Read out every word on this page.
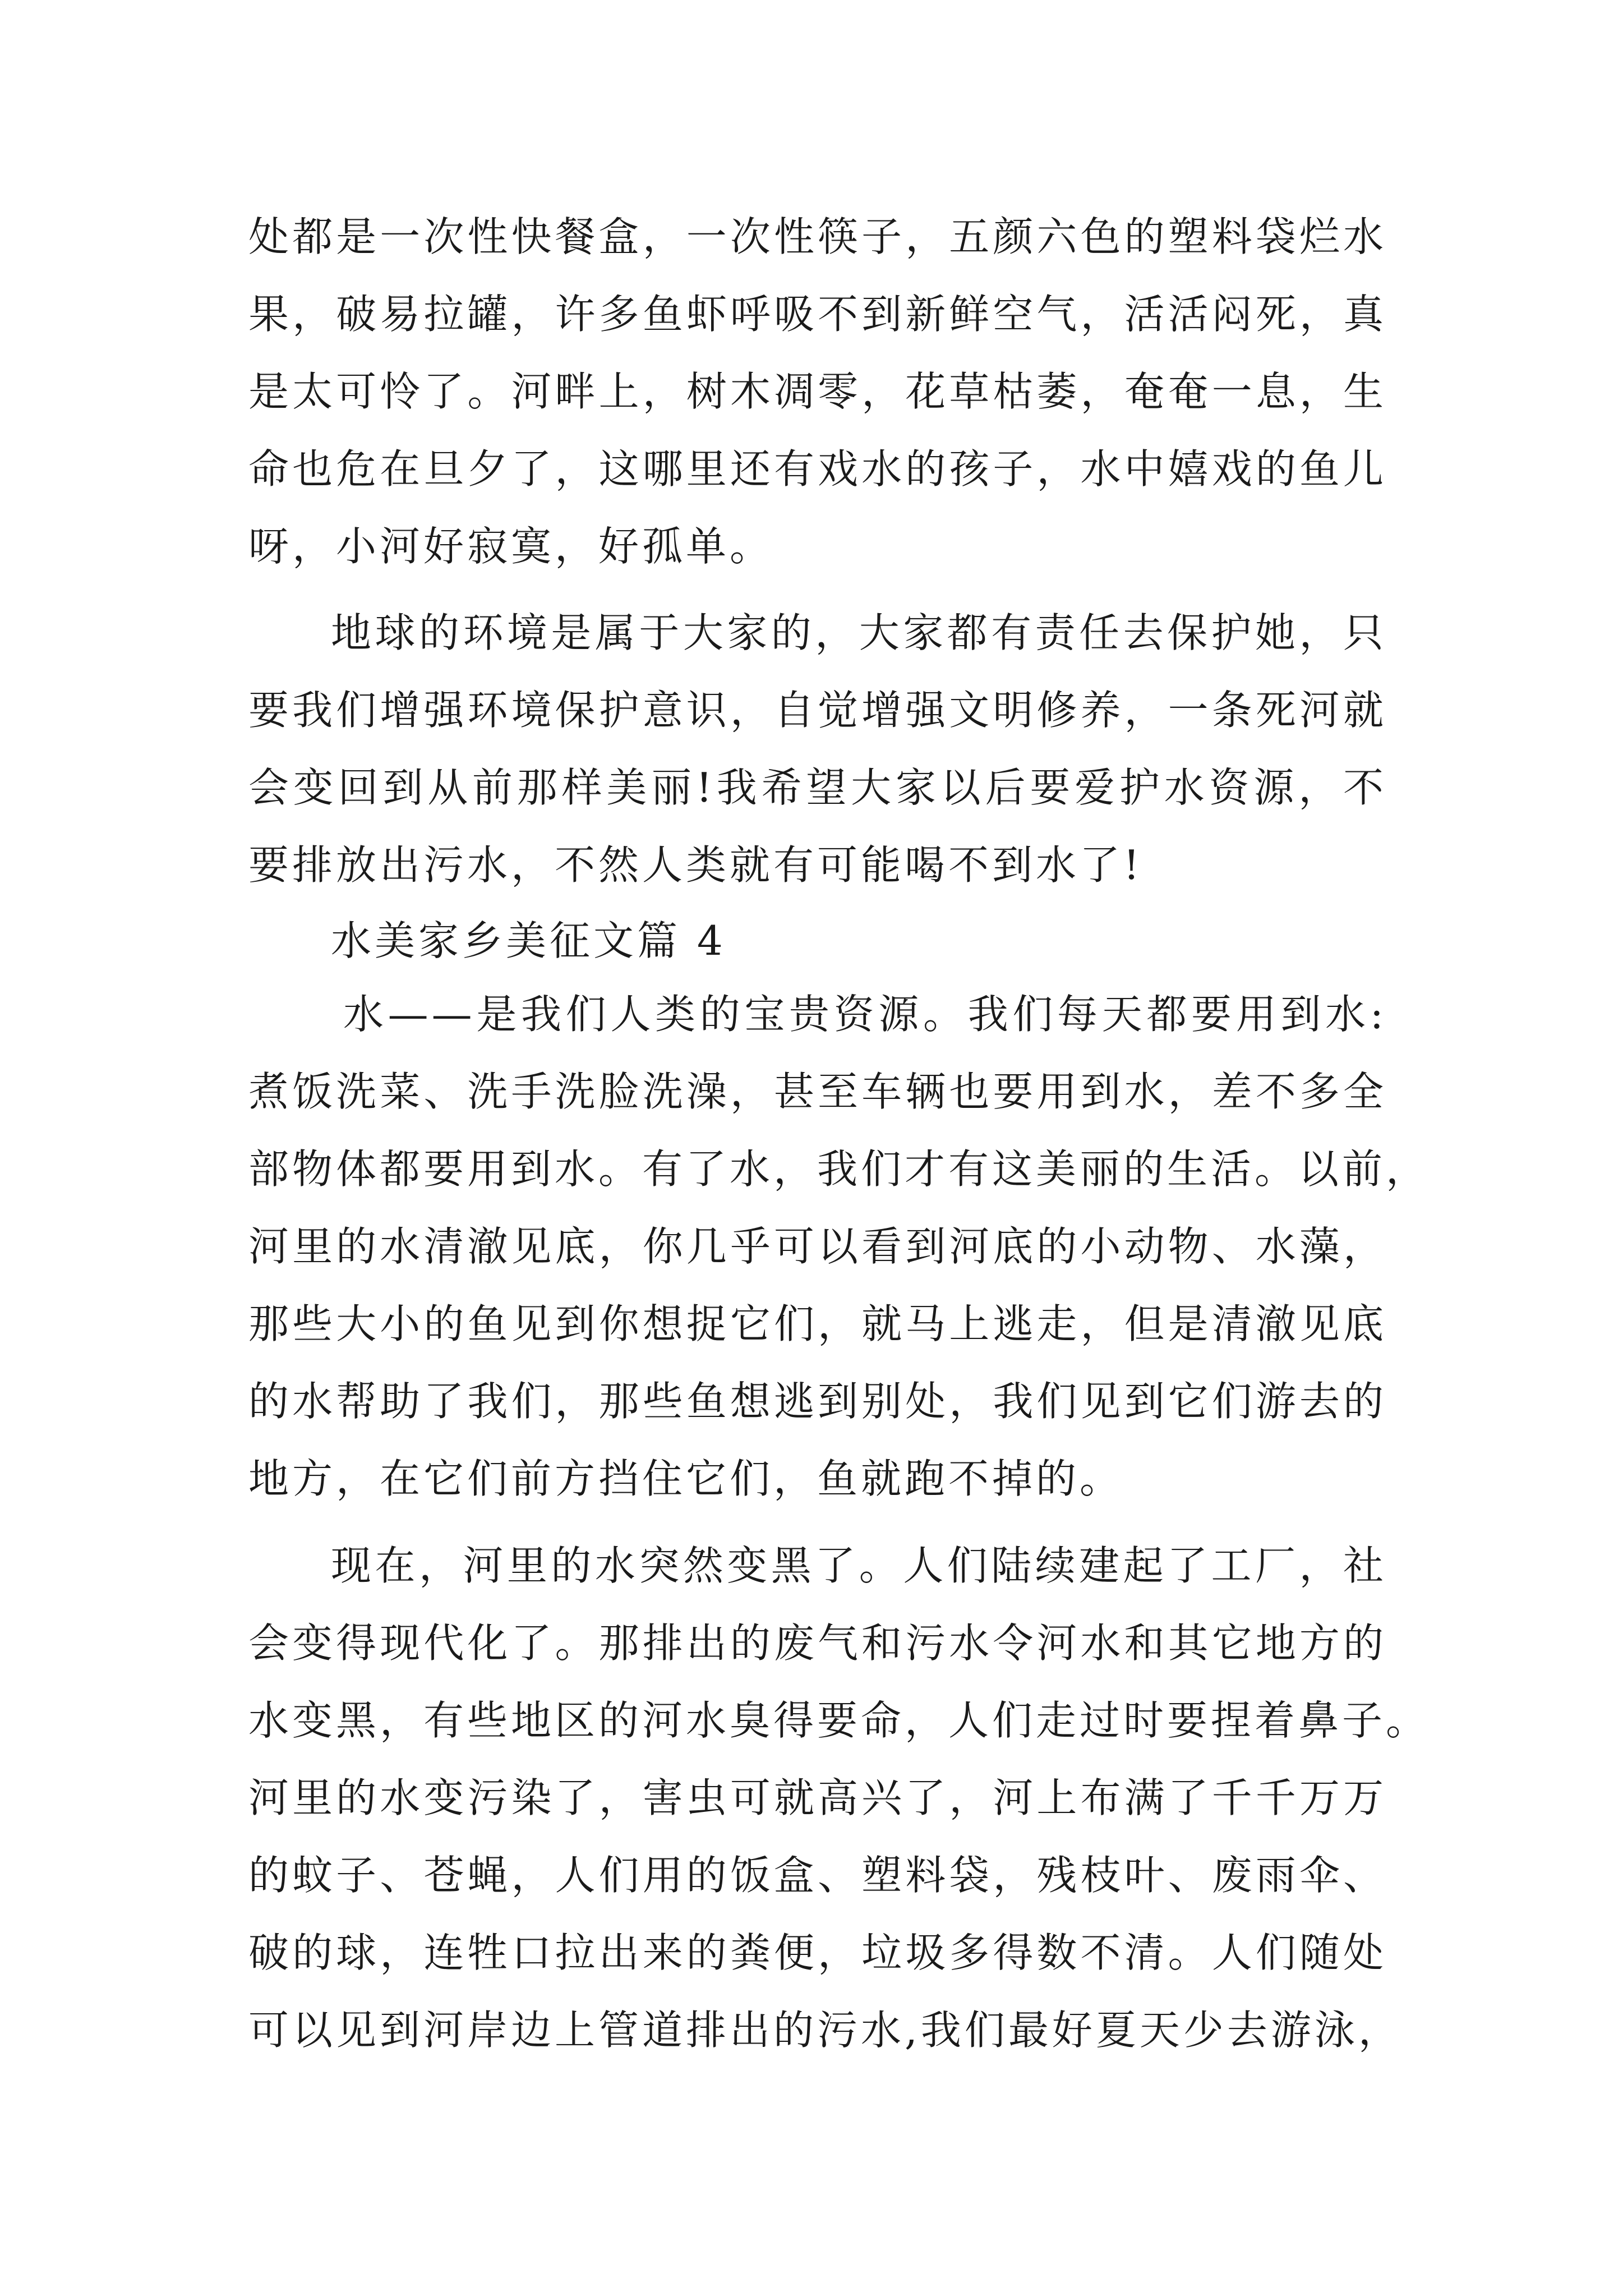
处都是一次性快餐盒，一次性筷子，五颜六色的塑料袋烂水
果，破易拉罐，许多鱼虾呼吸不到新鲜空气，活活闷死，真
是太可怜了。河畔上，树木凋零，花草枯萎，奄奄一息，生
命也危在旦夕了，这哪里还有戏水的孩子，水中嬉戏的鱼儿
呀，小河好寂寞，好孤单。
地球的环境是属于大家的，大家都有责任去保护她，只
要我们增强环境保护意识，自觉增强文明修养，一条死河就
会变回到从前那样美丽!我希望大家以后要爱护水资源，不
要排放出污水，不然人类就有可能喝不到水了!
水美家乡美征文篇 4
水——是我们人类的宝贵资源。我们每天都要用到水:
煮饭洗菜、洗手洗脸洗澡，甚至车辆也要用到水，差不多全
部物体都要用到水。有了水，我们才有这美丽的生活。以前，
河里的水清澈见底，你几乎可以看到河底的小动物、水藻，
那些大小的鱼见到你想捉它们，就马上逃走，但是清澈见底
的水帮助了我们，那些鱼想逃到别处，我们见到它们游去的
地方，在它们前方挡住它们，鱼就跑不掉的。
现在，河里的水突然变黑了。人们陆续建起了工厂，社
会变得现代化了。那排出的废气和污水令河水和其它地方的
水变黑，有些地区的河水臭得要命，人们走过时要捏着鼻子。
河里的水变污染了，害虫可就高兴了，河上布满了千千万万
的蚊子、苍蝇，人们用的饭盒、塑料袋，残枝叶、废雨伞、
破的球，连牲口拉出来的粪便，垃圾多得数不清。人们随处
可以见到河岸边上管道排出的污水,我们最好夏天少去游泳，
